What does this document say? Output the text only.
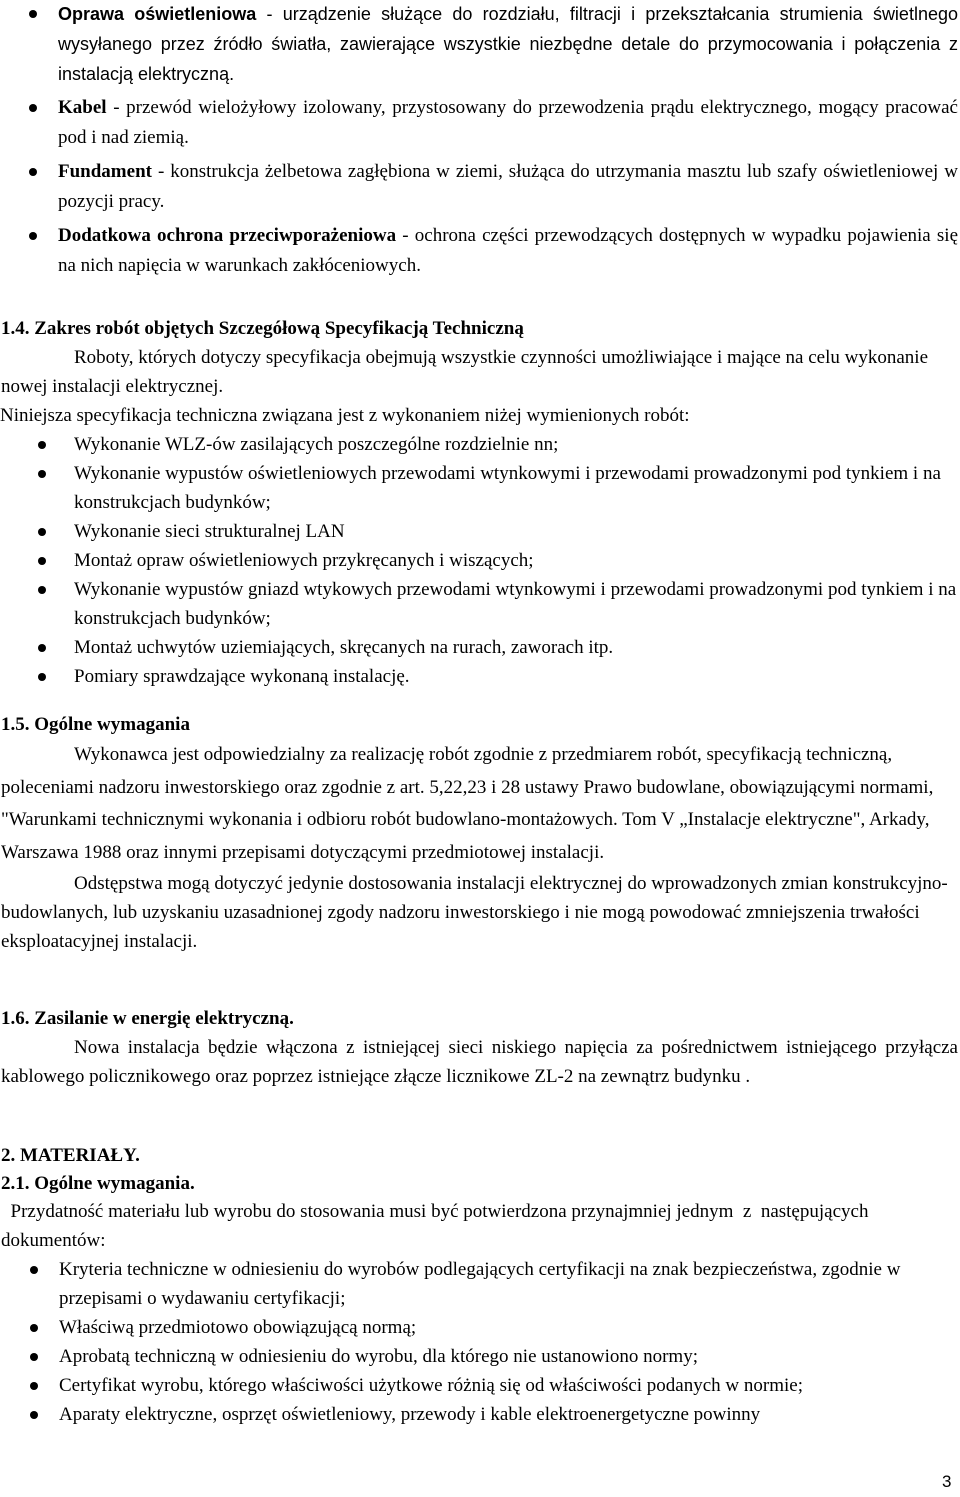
Oprawa oświetleniowa - urządzenie służące do rozdziału, filtracji i przekształcania strumienia świetlnego wysyłanego przez źródło światła, zawierające wszystkie niezbędne detale do przymocowania i połączenia z instalacją elektryczną.
Kabel - przewód wielożyłowy izolowany, przystosowany do przewodzenia prądu elektrycznego, mogący pracować pod i nad ziemią.
Fundament - konstrukcja żelbetowa zagłębiona w ziemi, służąca do utrzymania masztu lub szafy oświetleniowej w pozycji pracy.
Dodatkowa ochrona przeciwporażeniowa - ochrona części przewodzących dostępnych w wypadku pojawienia się na nich napięcia w warunkach zakłóceniowych.

1.4. Zakres robót objętych Szczegółową Specyfikacją Techniczną

Roboty, których dotyczy specyfikacja obejmują wszystkie czynności umożliwiające i mające na celu wykonanie nowej instalacji elektrycznej.

Niniejsza specyfikacja techniczna związana jest z wykonaniem niżej wymienionych robót:

Wykonanie WLZ-ów zasilających poszczególne rozdzielnie nn;
Wykonanie wypustów oświetleniowych przewodami wtynkowymi i przewodami prowadzonymi pod tynkiem i na konstrukcjach budynków;
Wykonanie sieci strukturalnej LAN
Montaż opraw oświetleniowych przykręcanych i wiszących;
Wykonanie wypustów gniazd wtykowych przewodami wtynkowymi i przewodami prowadzonymi pod tynkiem i na konstrukcjach budynków;
Montaż uchwytów uziemiających, skręcanych na rurach, zaworach itp.
Pomiary sprawdzające wykonaną instalację.

1.5. Ogólne wymagania

Wykonawca jest odpowiedzialny za realizację robót zgodnie z przedmiarem robót, specyfikacją techniczną, poleceniami nadzoru inwestorskiego oraz zgodnie z art. 5,22,23 i 28 ustawy Prawo budowlane, obowiązującymi normami, "Warunkami technicznymi wykonania i odbioru robót budowlano-montażowych. Tom V „Instalacje elektryczne", Arkady, Warszawa 1988 oraz innymi przepisami dotyczącymi przedmiotowej instalacji.

Odstępstwa mogą dotyczyć jedynie dostosowania instalacji elektrycznej do wprowadzonych zmian konstrukcyjno-budowlanych, lub uzyskaniu uzasadnionej zgody nadzoru inwestorskiego i nie mogą powodować zmniejszenia trwałości eksploatacyjnej instalacji.

1.6. Zasilanie w energię elektryczną.

Nowa instalacja będzie włączona z istniejącej sieci niskiego napięcia za pośrednictwem istniejącego przyłącza kablowego policznikowego oraz poprzez istniejące złącze licznikowe ZL-2 na zewnątrz budynku .

2. MATERIAŁY.

2.1. Ogólne wymagania.

Przydatność materiału lub wyrobu do stosowania musi być potwierdzona przynajmniej jednym  z  następujących dokumentów:

Kryteria techniczne w odniesieniu do wyrobów podlegających certyfikacji na znak bezpieczeństwa, zgodnie w przepisami o wydawaniu certyfikacji;
Właściwą przedmiotowo obowiązującą normą;
Aprobatą techniczną w odniesieniu do wyrobu, dla którego nie ustanowiono normy;
Certyfikat wyrobu, którego właściwości użytkowe różnią się od właściwości podanych w normie;
Aparaty elektryczne, osprzęt oświetleniowy, przewody i kable elektroenergetyczne powinny
3
